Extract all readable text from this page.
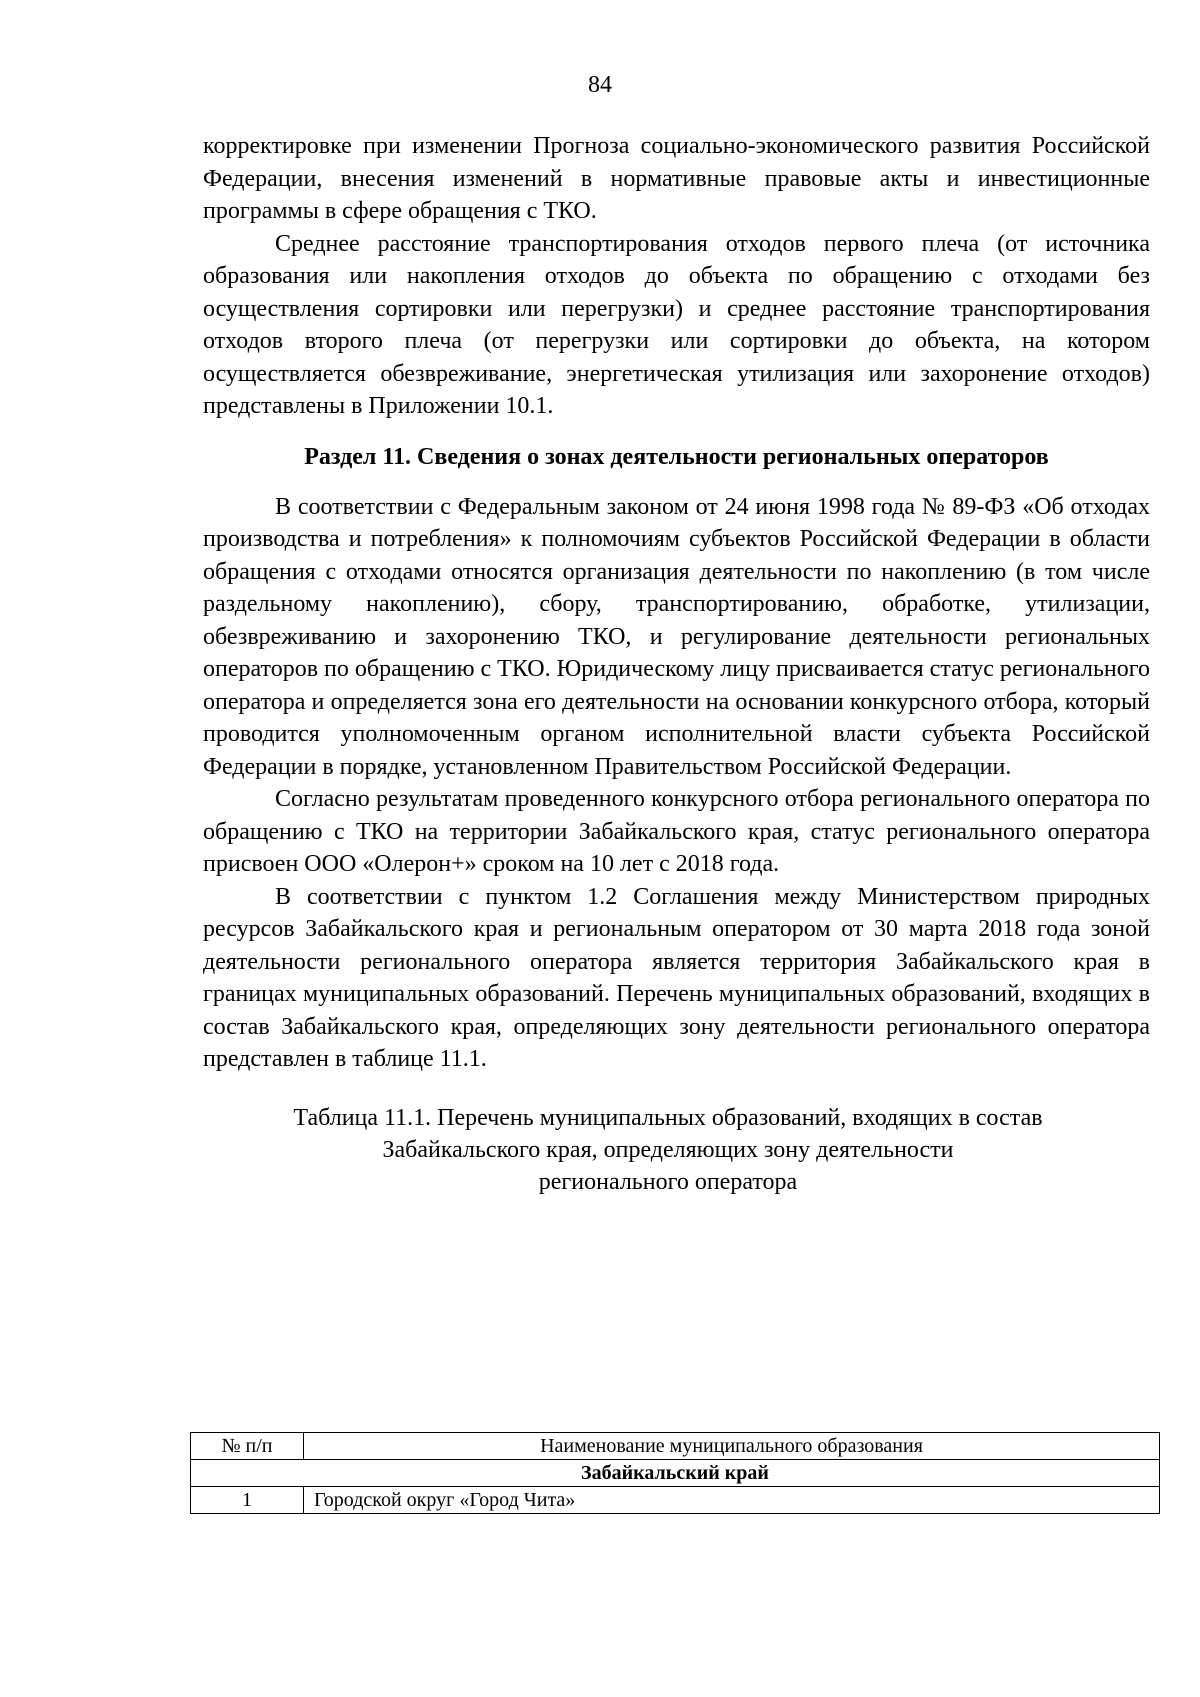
84

корректировке при изменении Прогноза социально-экономического развития Российской Федерации, внесения изменений в нормативные правовые акты и инвестиционные программы в сфере обращения с ТКО.

Среднее расстояние транспортирования отходов первого плеча (от источника образования или накопления отходов до объекта по обращению с отходами без осуществления сортировки или перегрузки) и среднее расстояние транспортирования отходов второго плеча (от перегрузки или сортировки до объекта, на котором осуществляется обезвреживание, энергетическая утилизация или захоронение отходов) представлены в Приложении 10.1.

Раздел 11. Сведения о зонах деятельности региональных операторов

В соответствии с Федеральным законом от 24 июня 1998 года № 89-ФЗ «Об отходах производства и потребления» к полномочиям субъектов Российской Федерации в области обращения с отходами относятся организация деятельности по накоплению (в том числе раздельному накоплению), сбору, транспортированию, обработке, утилизации, обезвреживанию и захоронению ТКО, и регулирование деятельности региональных операторов по обращению с ТКО. Юридическому лицу присваивается статус регионального оператора и определяется зона его деятельности на основании конкурсного отбора, который проводится уполномоченным органом исполнительной власти субъекта Российской Федерации в порядке, установленном Правительством Российской Федерации.

Согласно результатам проведенного конкурсного отбора регионального оператора по обращению с ТКО на территории Забайкальского края, статус регионального оператора присвоен ООО «Олерон+» сроком на 10 лет с 2018 года.

В соответствии с пунктом 1.2 Соглашения между Министерством природных ресурсов Забайкальского края и региональным оператором от 30 марта 2018 года зоной деятельности регионального оператора является территория Забайкальского края в границах муниципальных образований. Перечень муниципальных образований, входящих в состав Забайкальского края, определяющих зону деятельности регионального оператора представлен в таблице 11.1.

Таблица 11.1. Перечень муниципальных образований, входящих в состав
Забайкальского края, определяющих зону деятельности
регионального оператора
№ п/п	Наименование муниципального образования
Забайкальский край	
1	Городской округ «Город Чита»
